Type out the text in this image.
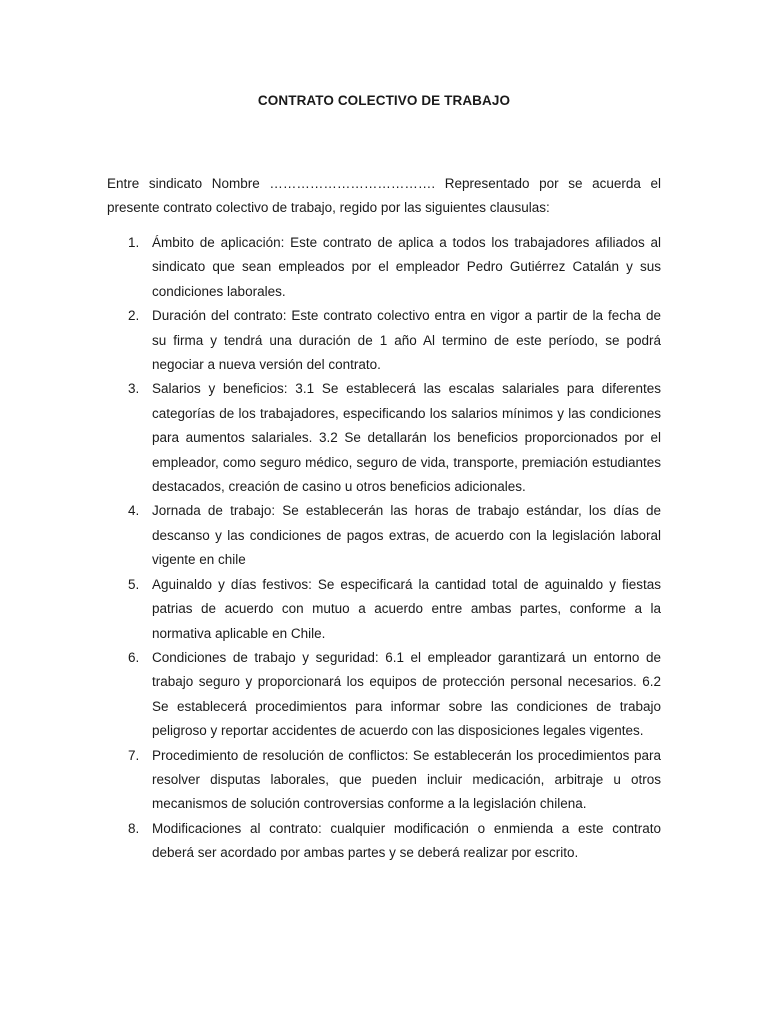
CONTRATO COLECTIVO DE TRABAJO

Entre sindicato Nombre ………………………………. Representado por se acuerda el presente contrato colectivo de trabajo, regido por las siguientes clausulas:

1. Ámbito de aplicación: Este contrato de aplica a todos los trabajadores afiliados al sindicato que sean empleados por el empleador Pedro Gutiérrez Catalán y sus condiciones laborales.
2. Duración del contrato: Este contrato colectivo entra en vigor a partir de la fecha de su firma y tendrá una duración de 1 año Al termino de este período, se podrá negociar a nueva versión del contrato.
3. Salarios y beneficios: 3.1 Se establecerá las escalas salariales para diferentes categorías de los trabajadores, especificando los salarios mínimos y las condiciones para aumentos salariales. 3.2 Se detallarán los beneficios proporcionados por el empleador, como seguro médico, seguro de vida, transporte, premiación estudiantes destacados, creación de casino u otros beneficios adicionales.
4. Jornada de trabajo: Se establecerán las horas de trabajo estándar, los días de descanso y las condiciones de pagos extras, de acuerdo con la legislación laboral vigente en chile
5. Aguinaldo y días festivos: Se especificará la cantidad total de aguinaldo y fiestas patrias de acuerdo con mutuo a acuerdo entre ambas partes, conforme a la normativa aplicable en Chile.
6. Condiciones de trabajo y seguridad: 6.1 el empleador garantizará un entorno de trabajo seguro y proporcionará los equipos de protección personal necesarios. 6.2 Se establecerá procedimientos para informar sobre las condiciones de trabajo peligroso y reportar accidentes de acuerdo con las disposiciones legales vigentes.
7. Procedimiento de resolución de conflictos: Se establecerán los procedimientos para resolver disputas laborales, que pueden incluir medicación, arbitraje u otros mecanismos de solución controversias conforme a la legislación chilena.
8. Modificaciones al contrato: cualquier modificación o enmienda a este contrato deberá ser acordado por ambas partes y se deberá realizar por escrito.
